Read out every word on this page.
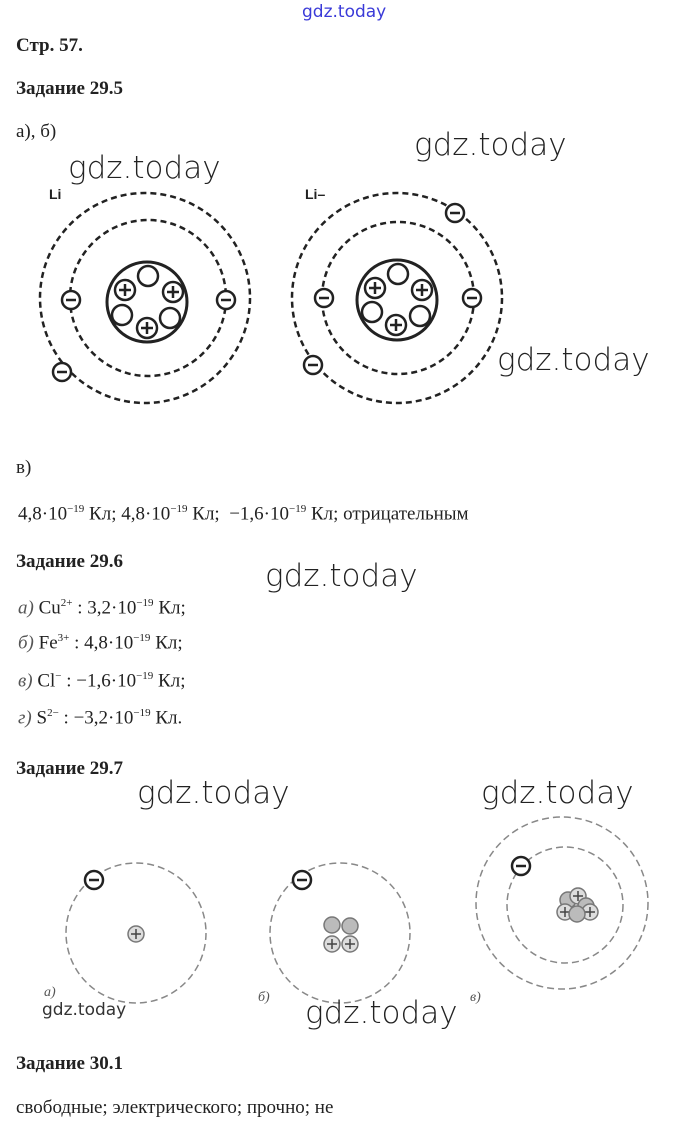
gdz.today
Стр. 57.
Задание 29.5
а), б)
Li	Li–
в)
$4,8\cdot 10^{-19}$ Кл; $4,8\cdot 10^{-19}$ Кл;  $-1,6\cdot 10^{-19}$ Кл; отрицательным
Задание 29.6
а) $Cu^{2+}$ : $3,2\cdot 10^{-19}$ Кл;
б) $Fe^{3+}$ : $4,8\cdot 10^{-19}$ Кл;
в) Cl− : $-1,6\cdot 10^{-19}$ Кл;
г) $S^{2-}$ : $-3,2\cdot 10^{-19}$ Кл.
Задание 29.7
а)	б)	в)
Задание 30.1
свободные; электрического; прочно; не
gdz.today
gdz.today
gdz.today
gdz.today
gdz.today	gdz.today
gdz.today
gdz.today
